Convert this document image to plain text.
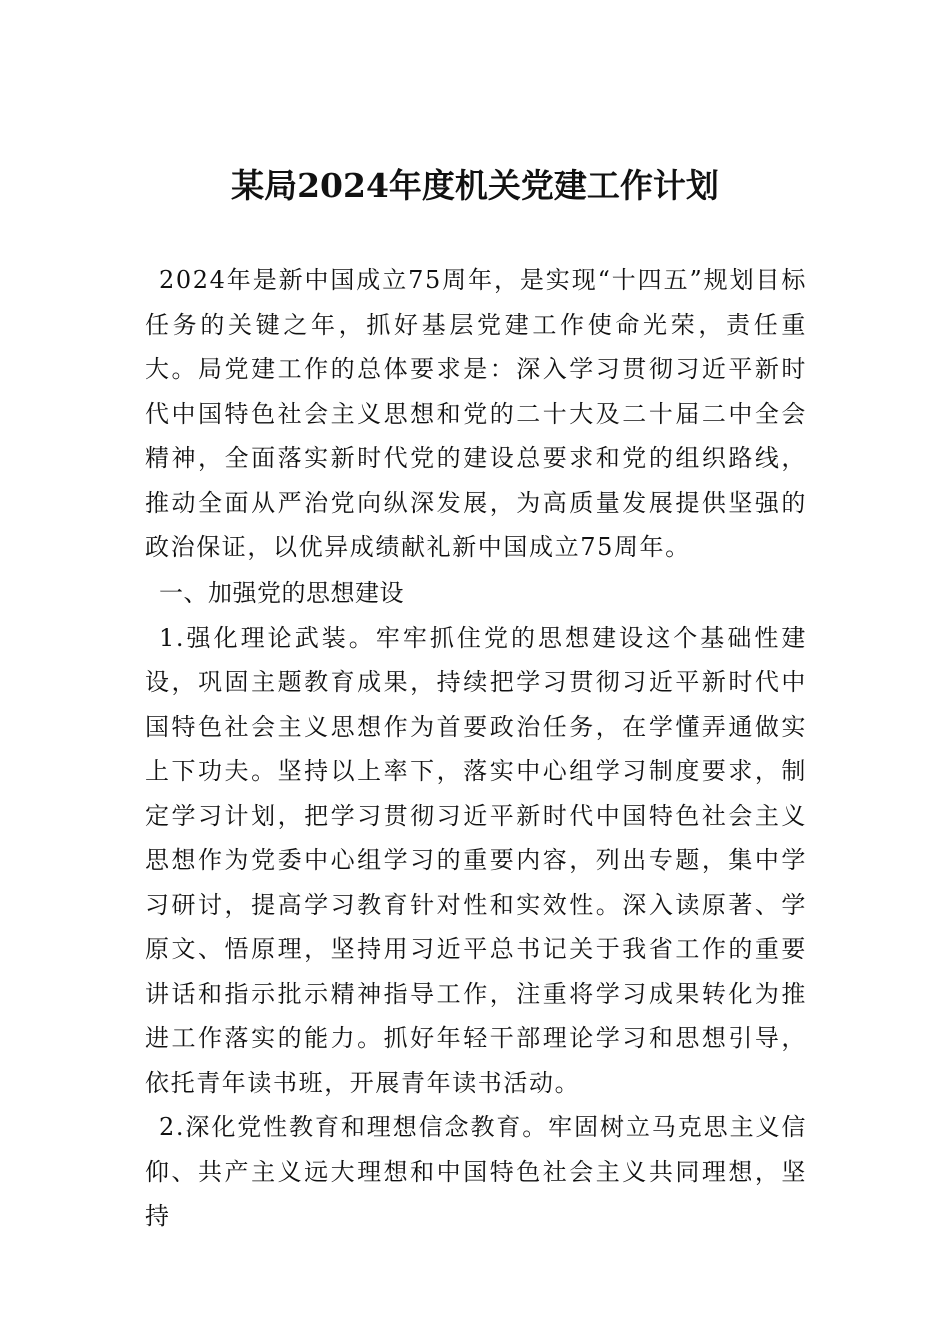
某局2024年度机关党建工作计划

2024年是新中国成立75周年，是实现“十四五”规划目标任务的关键之年，抓好基层党建工作使命光荣，责任重大。局党建工作的总体要求是：深入学习贯彻习近平新时代中国特色社会主义思想和党的二十大及二十届二中全会精神，全面落实新时代党的建设总要求和党的组织路线，推动全面从严治党向纵深发展，为高质量发展提供坚强的政治保证，以优异成绩献礼新中国成立75周年。

一、加强党的思想建设

1.强化理论武装。牢牢抓住党的思想建设这个基础性建设，巩固主题教育成果，持续把学习贯彻习近平新时代中国特色社会主义思想作为首要政治任务，在学懂弄通做实上下功夫。坚持以上率下，落实中心组学习制度要求，制定学习计划，把学习贯彻习近平新时代中国特色社会主义思想作为党委中心组学习的重要内容，列出专题，集中学习研讨，提高学习教育针对性和实效性。深入读原著、学原文、悟原理，坚持用习近平总书记关于我省工作的重要讲话和指示批示精神指导工作，注重将学习成果转化为推进工作落实的能力。抓好年轻干部理论学习和思想引导，依托青年读书班，开展青年读书活动。

2.深化党性教育和理想信念教育。牢固树立马克思主义信仰、共产主义远大理想和中国特色社会主义共同理想，坚持
